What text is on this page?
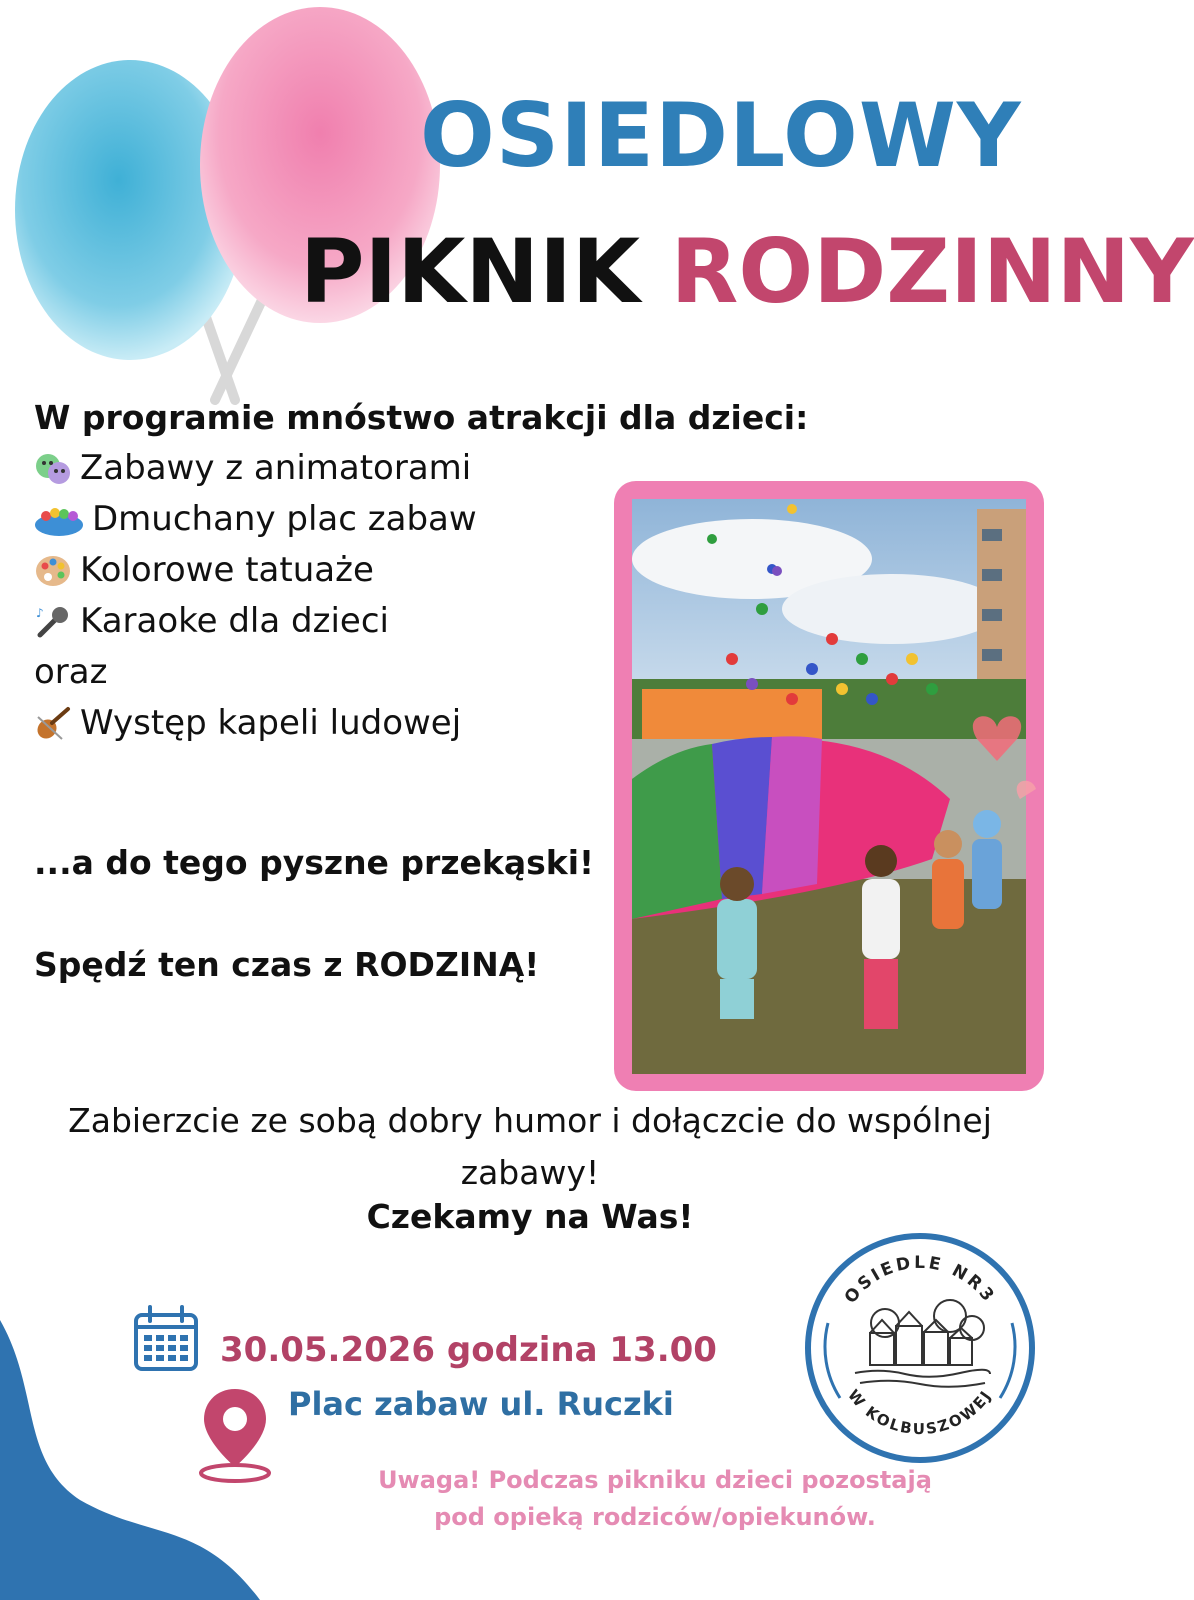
OSIEDLOWY
PIKNIK RODZINNY
W programie mnóstwo atrakcji dla dzieci:
Zabawy z animatorami
Dmuchany plac zabaw
Kolorowe tatuaże
♪ Karaoke dla dzieci
oraz
Występ kapeli ludowej
...a do tego pyszne przekąski!
Spędź ten czas z RODZINĄ!
Zabierzcie ze sobą dobry humor i dołączcie do wspólnej zabawy!
Czekamy na Was!
30.05.2026 godzina 13.00
Plac zabaw ul. Ruczki
Uwaga! Podczas pikniku dzieci pozostają
pod opieką rodziców/opiekunów.
OSIEDLE NR3
W KOLBUSZOWEJ
